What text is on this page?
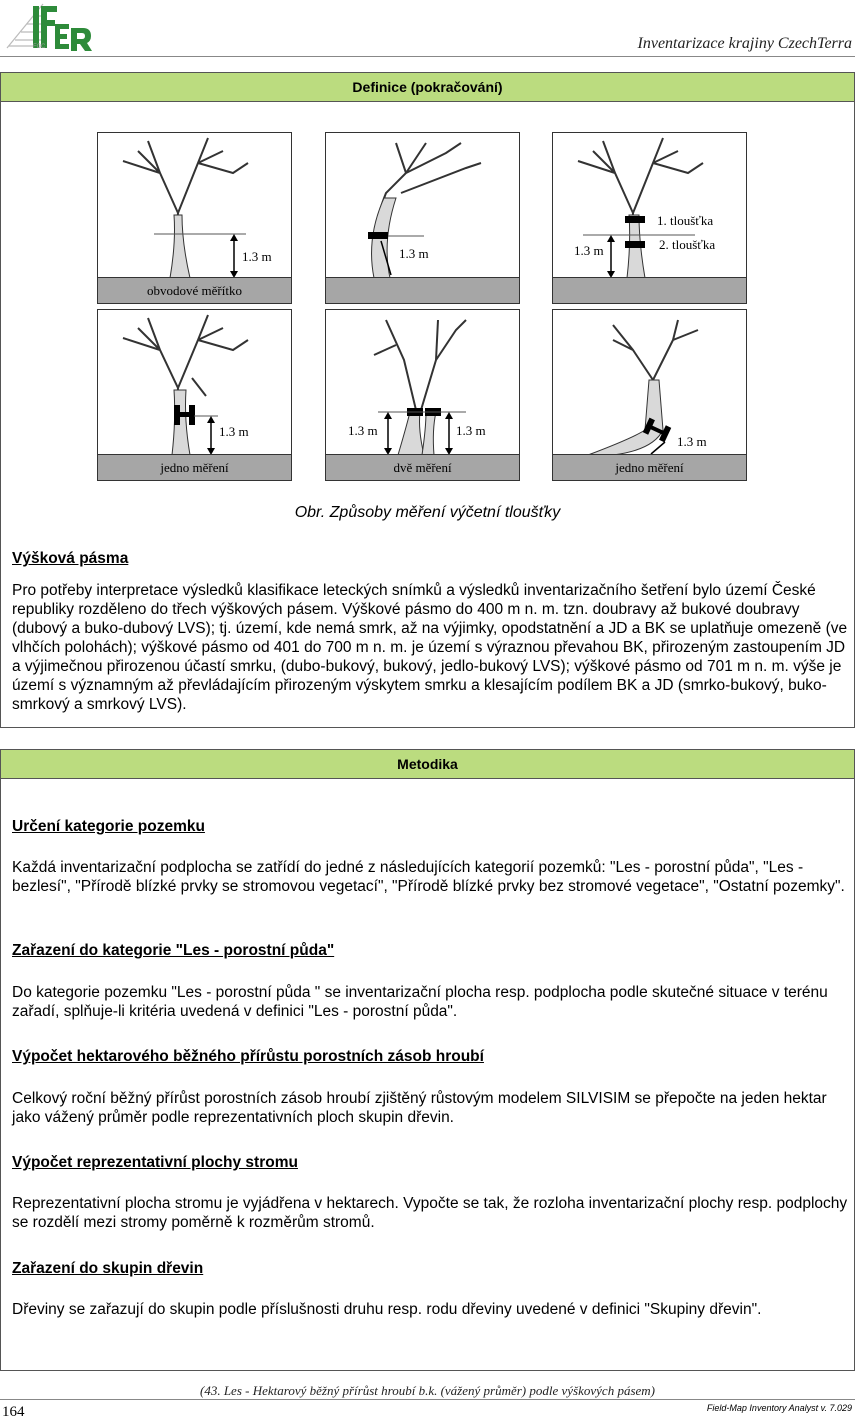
FCC	Inventarizace krajiny CzechTerra
Definice (pokračování)
1.3 m
obvodové měřítko
1.3 m
1. tloušťka
2. tloušťka
1.3 m
1.3 m
jedno měření
1.3 m	1.3 m
dvě měření
1.3 m
jedno měření
Obr. Způsoby měření výčetní tloušťky
Výšková pásma
Pro potřeby interpretace výsledků klasifikace leteckých snímků a výsledků inventarizačního šetření bylo území České republiky rozděleno do třech výškových pásem. Výškové pásmo do 400 m n. m. tzn. doubravy až bukové doubravy (dubový a buko-dubový LVS); tj. území, kde nemá smrk, až na výjimky, opodstatnění a JD a BK se uplatňuje omezeně (ve vlhčích polohách); výškové pásmo od 401 do 700 m n. m. je území s výraznou převahou BK, přirozeným zastoupením JD a výjimečnou přirozenou účastí smrku, (dubo-bukový, bukový, jedlo-bukový LVS); výškové pásmo od 701 m n. m. výše je území s významným až převládajícím přirozeným výskytem smrku a klesajícím podílem BK a JD (smrko-bukový, buko-smrkový a smrkový LVS).
Metodika
Určení kategorie pozemku
Každá inventarizační podplocha se zatřídí do jedné z následujících kategorií pozemků: "Les - porostní půda", "Les - bezlesí", "Přírodě blízké prvky se stromovou vegetací", "Přírodě blízké prvky bez stromové vegetace", "Ostatní pozemky".
Zařazení do kategorie "Les - porostní půda"
Do kategorie pozemku "Les - porostní půda " se inventarizační plocha resp. podplocha podle skutečné situace v terénu zařadí, splňuje-li kritéria uvedená v definici "Les - porostní půda".
Výpočet hektarového běžného přírůstu porostních zásob hroubí
Celkový roční běžný přírůst porostních zásob hroubí zjištěný růstovým modelem SILVISIM se přepočte na jeden hektar jako vážený průměr podle reprezentativních ploch skupin dřevin.
Výpočet reprezentativní plochy stromu
Reprezentativní plocha stromu je vyjádřena v hektarech. Vypočte se tak, že rozloha inventarizační plochy resp. podplochy se rozdělí mezi stromy poměrně k rozměrům stromů.
Zařazení do skupin dřevin
Dřeviny se zařazují do skupin podle příslušnosti druhu resp. rodu dřeviny uvedené v definici "Skupiny dřevin".
(43. Les - Hektarový běžný přírůst hroubí b.k. (vážený průměr) podle výškových pásem)
164	Field-Map Inventory Analyst v. 7.029
